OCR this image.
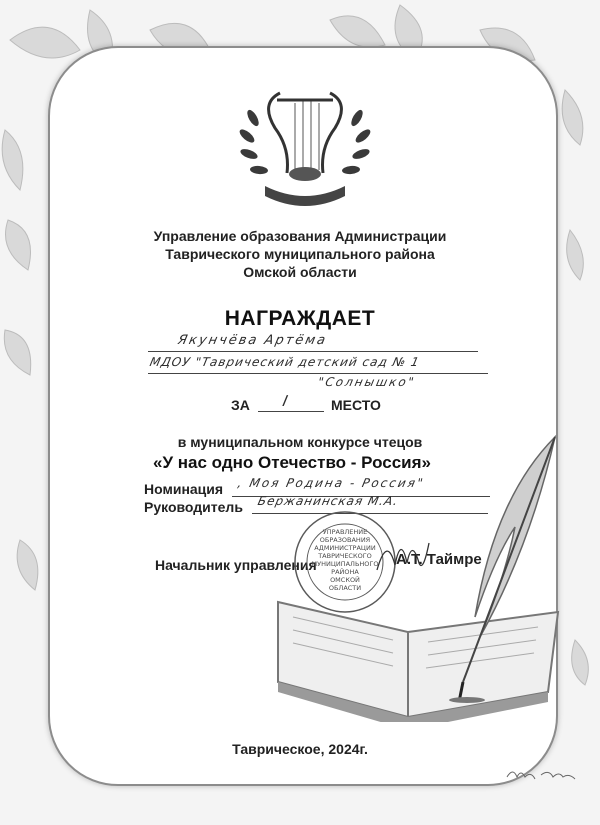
Управление образования Администрации
Таврического муниципального района
Омской области
НАГРАЖДАЕТ
Якунчёва Артёма
МДОУ "Таврический детский сад № 1
"Солнышко"
ЗА I	МЕСТО
в муниципальном конкурсе чтецов
«У нас одно Отечество - Россия»
Номинация , Моя Родина - Россия"
Руководитель Бержанинская М.А.
Начальник управления	А.Т. Таймре
УПРАВЛЕНИЕ
ОБРАЗОВАНИЯ
АДМИНИСТРАЦИИ
ТАВРИЧЕСКОГО
МУНИЦИПАЛЬНОГО
РАЙОНА
ОМСКОЙ
ОБЛАСТИ
Таврическое, 2024г.
